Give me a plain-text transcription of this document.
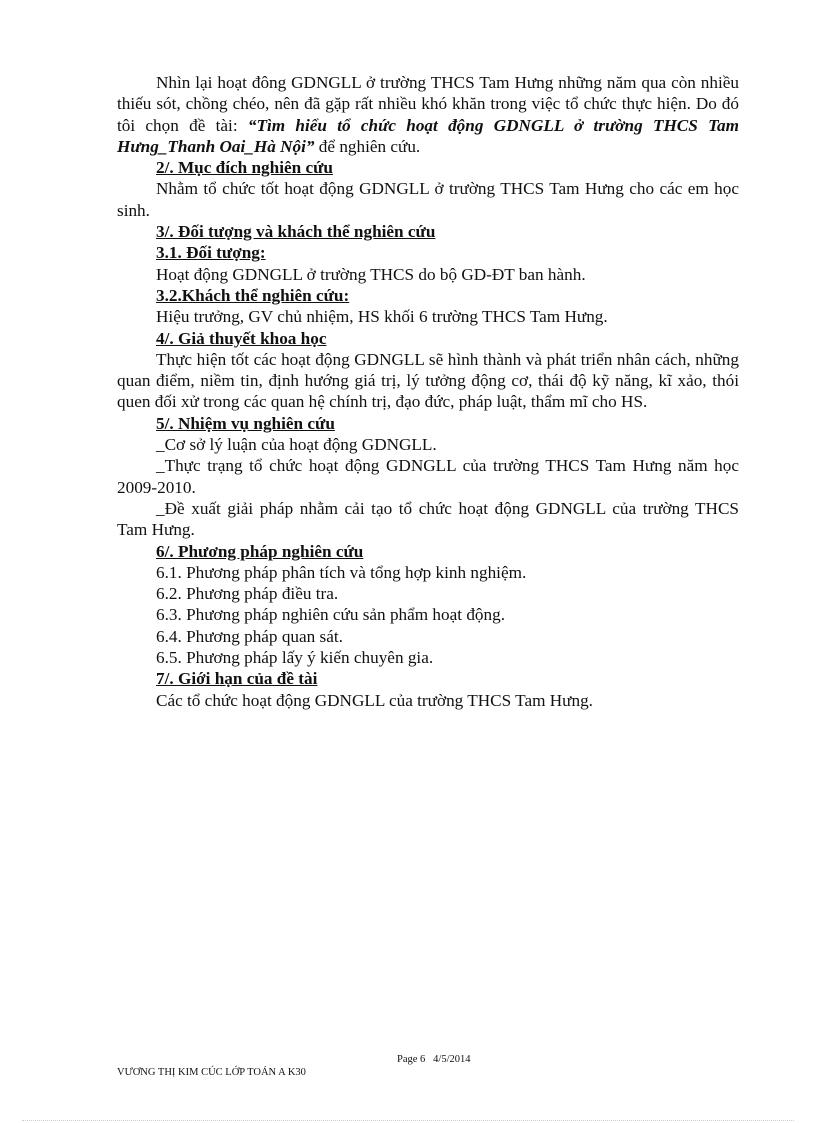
Nhìn lại hoạt đông GDNGLL ở trường THCS Tam Hưng những năm qua còn nhiều thiếu sót, chồng chéo, nên đã gặp rất nhiều khó khăn trong việc tổ chức thực hiện. Do đó tôi chọn đề tài: “Tìm hiểu tổ chức hoạt động GDNGLL ở trường THCS Tam Hưng_Thanh Oai_Hà Nội” để nghiên cứu.

2/. Mục đích nghiên cứu

Nhằm tổ chức tốt hoạt động GDNGLL ở trường THCS Tam Hưng cho các em học sinh.

3/. Đối tượng và khách thể nghiên cứu

3.1. Đối tượng:

Hoạt động GDNGLL ở trường THCS do bộ GD-ĐT ban hành.

3.2.Khách thể nghiên cứu:

Hiệu trưởng, GV chủ nhiệm, HS khối 6 trường THCS Tam Hưng.

4/. Giả thuyết khoa học

Thực hiện tốt các hoạt động GDNGLL sẽ hình thành và phát triển nhân cách, những quan điểm, niềm tin, định hướng giá trị, lý tưởng động cơ, thái độ kỹ năng, kĩ xảo, thói quen đối xử trong các quan hệ chính trị, đạo đức, pháp luật, thẩm mĩ cho HS.

5/. Nhiệm vụ nghiên cứu

_Cơ sở lý luận của hoạt động GDNGLL.

_Thực trạng tổ chức hoạt động GDNGLL của trường THCS Tam Hưng năm học 2009-2010.

_Đề xuất giải pháp nhằm cải tạo tổ chức hoạt động GDNGLL của trường THCS Tam Hưng.

6/. Phương pháp nghiên cứu

6.1. Phương pháp phân tích và tổng hợp kinh nghiệm.

6.2. Phương pháp điều tra.

6.3. Phương pháp nghiên cứu sản phẩm hoạt động.

6.4. Phương pháp quan sát.

6.5. Phương pháp lấy ý kiến chuyên gia.

7/. Giới hạn của đề tài

Các tổ chức hoạt động GDNGLL của trường THCS Tam Hưng.

Page 6 4/5/2014
VƯƠNG THỊ KIM CÚC LỚP TOÁN A K30
